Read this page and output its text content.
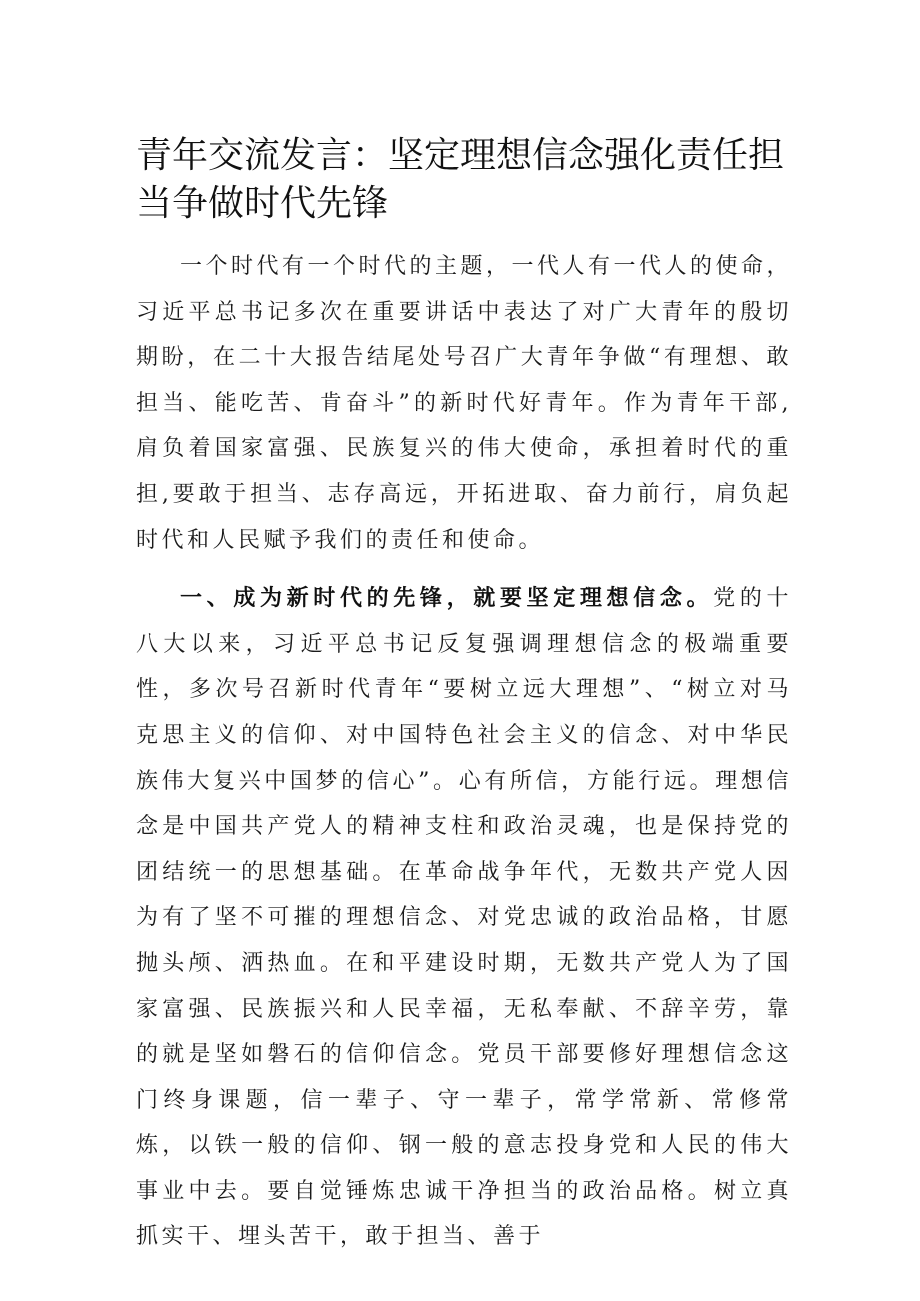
青年交流发言：坚定理想信念强化责任担当争做时代先锋

一个时代有一个时代的主题，一代人有一代人的使命，习近平总书记多次在重要讲话中表达了对广大青年的殷切期盼，在二十大报告结尾处号召广大青年争做“有理想、敢担当、能吃苦、肯奋斗”的新时代好青年。作为青年干部,肩负着国家富强、民族复兴的伟大使命，承担着时代的重担,要敢于担当、志存高远，开拓进取、奋力前行，肩负起时代和人民赋予我们的责任和使命。

一、成为新时代的先锋，就要坚定理想信念。党的十八大以来，习近平总书记反复强调理想信念的极端重要性，多次号召新时代青年“要树立远大理想”、“树立对马克思主义的信仰、对中国特色社会主义的信念、对中华民族伟大复兴中国梦的信心”。心有所信，方能行远。理想信念是中国共产党人的精神支柱和政治灵魂，也是保持党的团结统一的思想基础。在革命战争年代，无数共产党人因为有了坚不可摧的理想信念、对党忠诚的政治品格，甘愿抛头颅、洒热血。在和平建设时期，无数共产党人为了国家富强、民族振兴和人民幸福，无私奉献、不辞辛劳，靠的就是坚如磐石的信仰信念。党员干部要修好理想信念这门终身课题，信一辈子、守一辈子，常学常新、常修常炼，以铁一般的信仰、钢一般的意志投身党和人民的伟大事业中去。要自觉锤炼忠诚干净担当的政治品格。树立真抓实干、埋头苦干，敢于担当、善于
